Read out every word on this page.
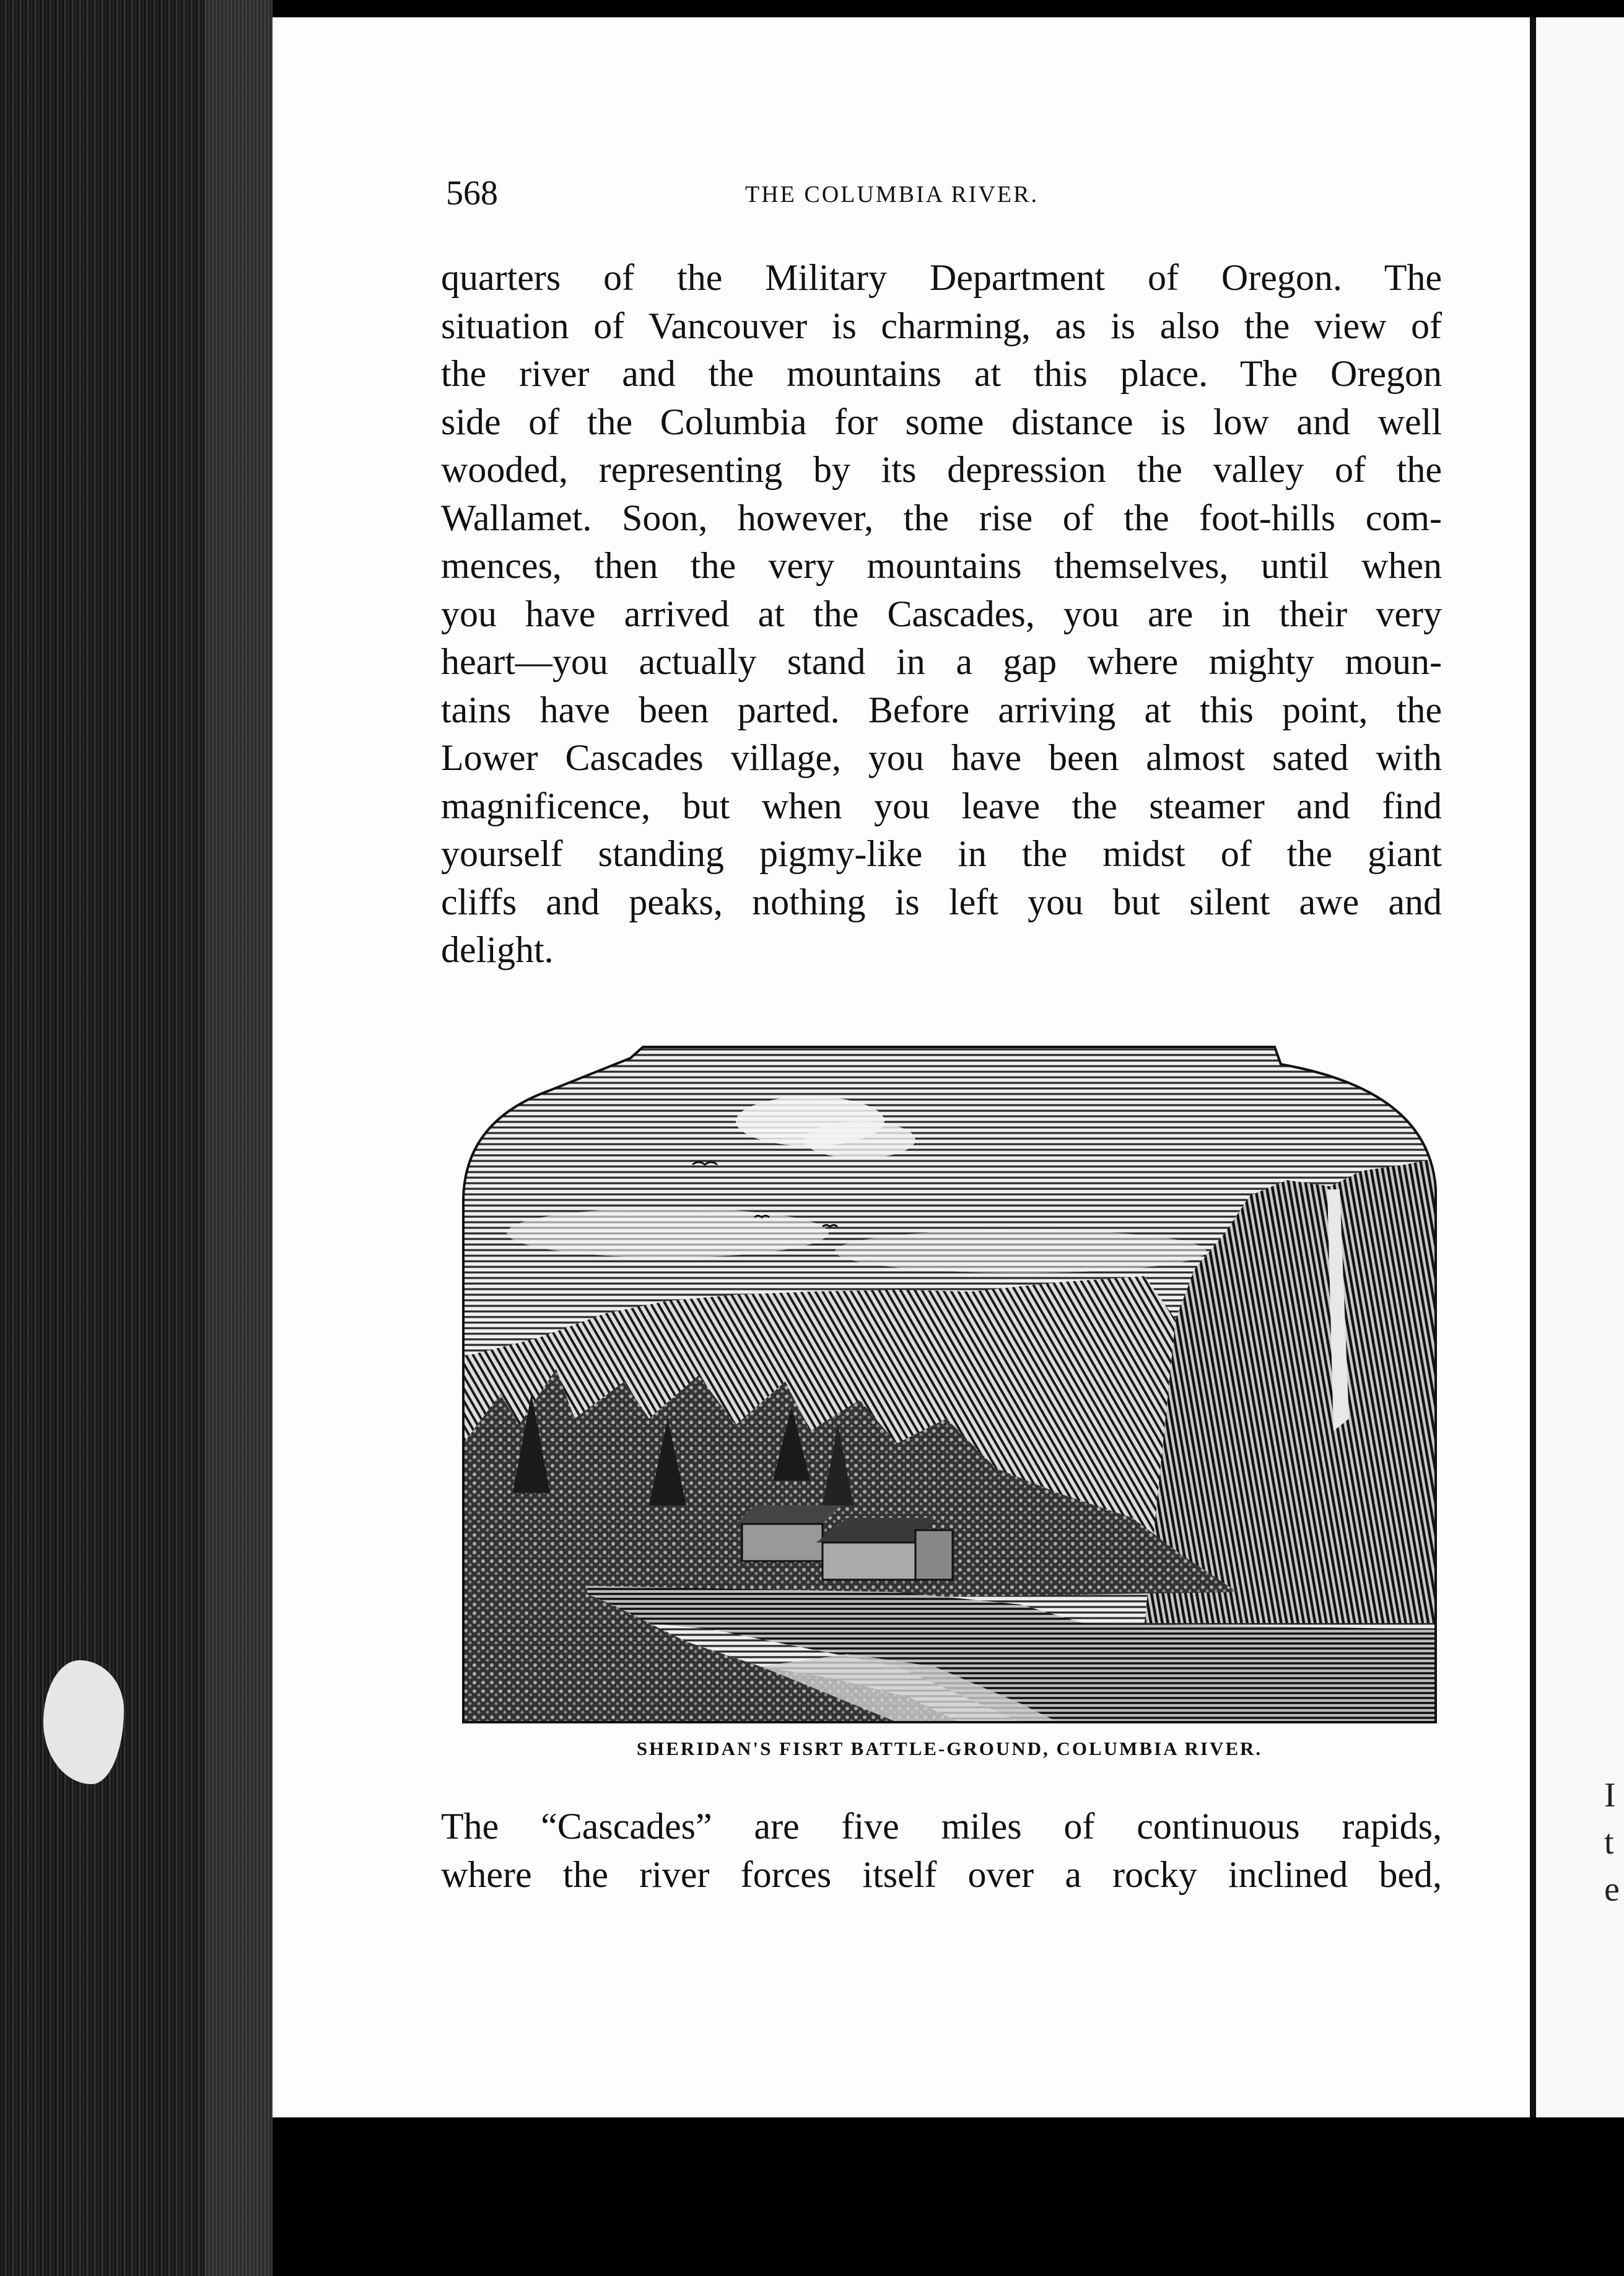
I
t
e
568	THE COLUMBIA RIVER.
quarters of the Military Department of Oregon. The
situation of Vancouver is charming, as is also the view of
the river and the mountains at this place. The Oregon
side of the Columbia for some distance is low and well
wooded, representing by its depression the valley of the
Wallamet. Soon, however, the rise of the foot-hills com-
mences, then the very mountains themselves, until when
you have arrived at the Cascades, you are in their very
heart—you actually stand in a gap where mighty moun-
tains have been parted. Before arriving at this point, the
Lower Cascades village, you have been almost sated with
magnificence, but when you leave the steamer and find
yourself standing pigmy-like in the midst of the giant
cliffs and peaks, nothing is left you but silent awe and
delight.
SHERIDAN'S FISRT BATTLE-GROUND, COLUMBIA RIVER.
The “Cascades” are five miles of continuous rapids,
where the river forces itself over a rocky inclined bed,
